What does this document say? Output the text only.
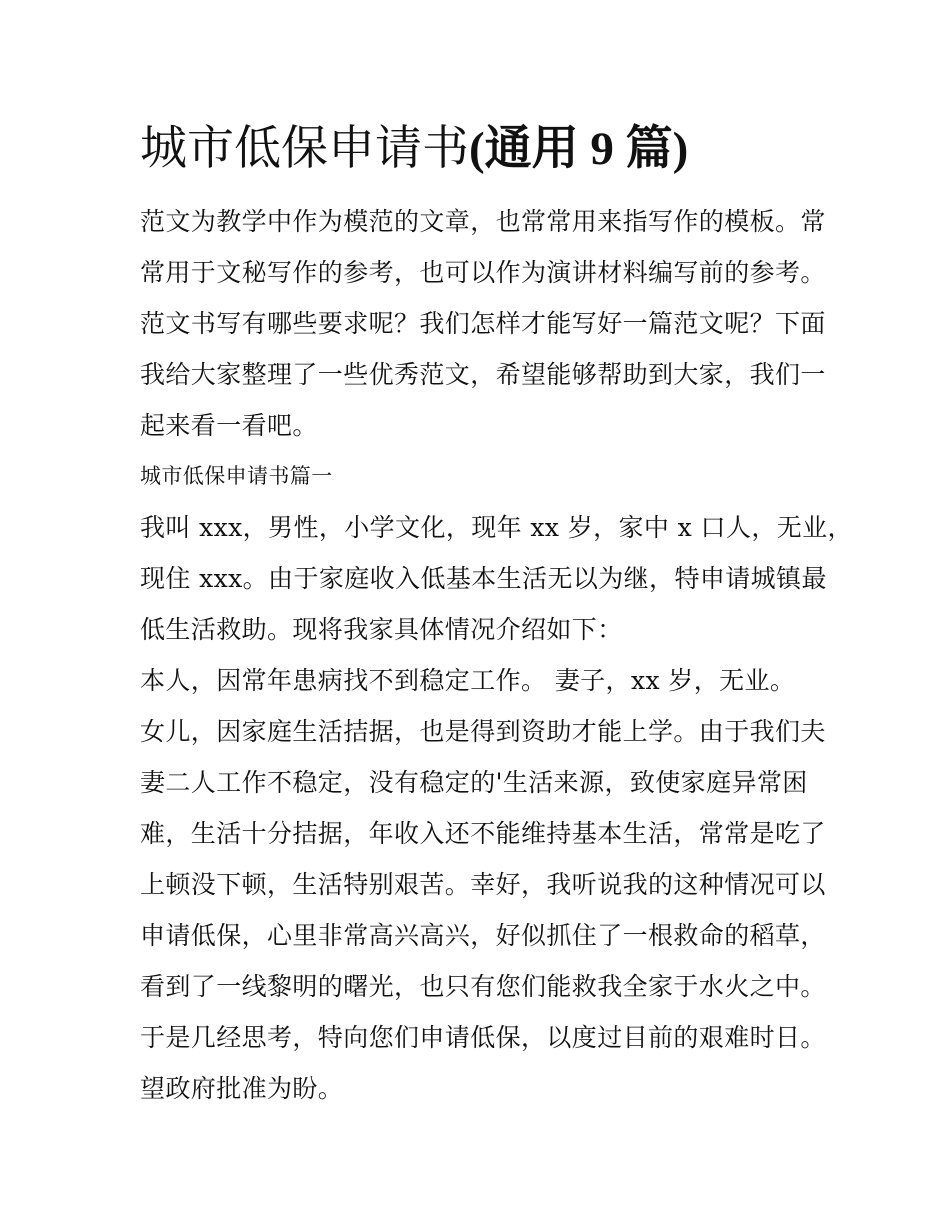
城市低保申请书(通用 9 篇)
范文为教学中作为模范的文章，也常常用来指写作的模板。常
常用于文秘写作的参考，也可以作为演讲材料编写前的参考。
范文书写有哪些要求呢？我们怎样才能写好一篇范文呢？下面
我给大家整理了一些优秀范文，希望能够帮助到大家，我们一
起来看一看吧。
城市低保申请书篇一
我叫 xxx，男性，小学文化，现年 xx 岁，家中 x 口人，无业，
现住 xxx。由于家庭收入低基本生活无以为继，特申请城镇最
低生活救助。现将我家具体情况介绍如下：
本人，因常年患病找不到稳定工作。 妻子，xx 岁，无业。
女儿，因家庭生活拮据，也是得到资助才能上学。由于我们夫
妻二人工作不稳定，没有稳定的'生活来源，致使家庭异常困
难，生活十分拮据，年收入还不能维持基本生活，常常是吃了
上顿没下顿，生活特别艰苦。幸好，我听说我的这种情况可以
申请低保，心里非常高兴高兴，好似抓住了一根救命的稻草，
看到了一线黎明的曙光，也只有您们能救我全家于水火之中。
于是几经思考，特向您们申请低保，以度过目前的艰难时日。
望政府批准为盼。
